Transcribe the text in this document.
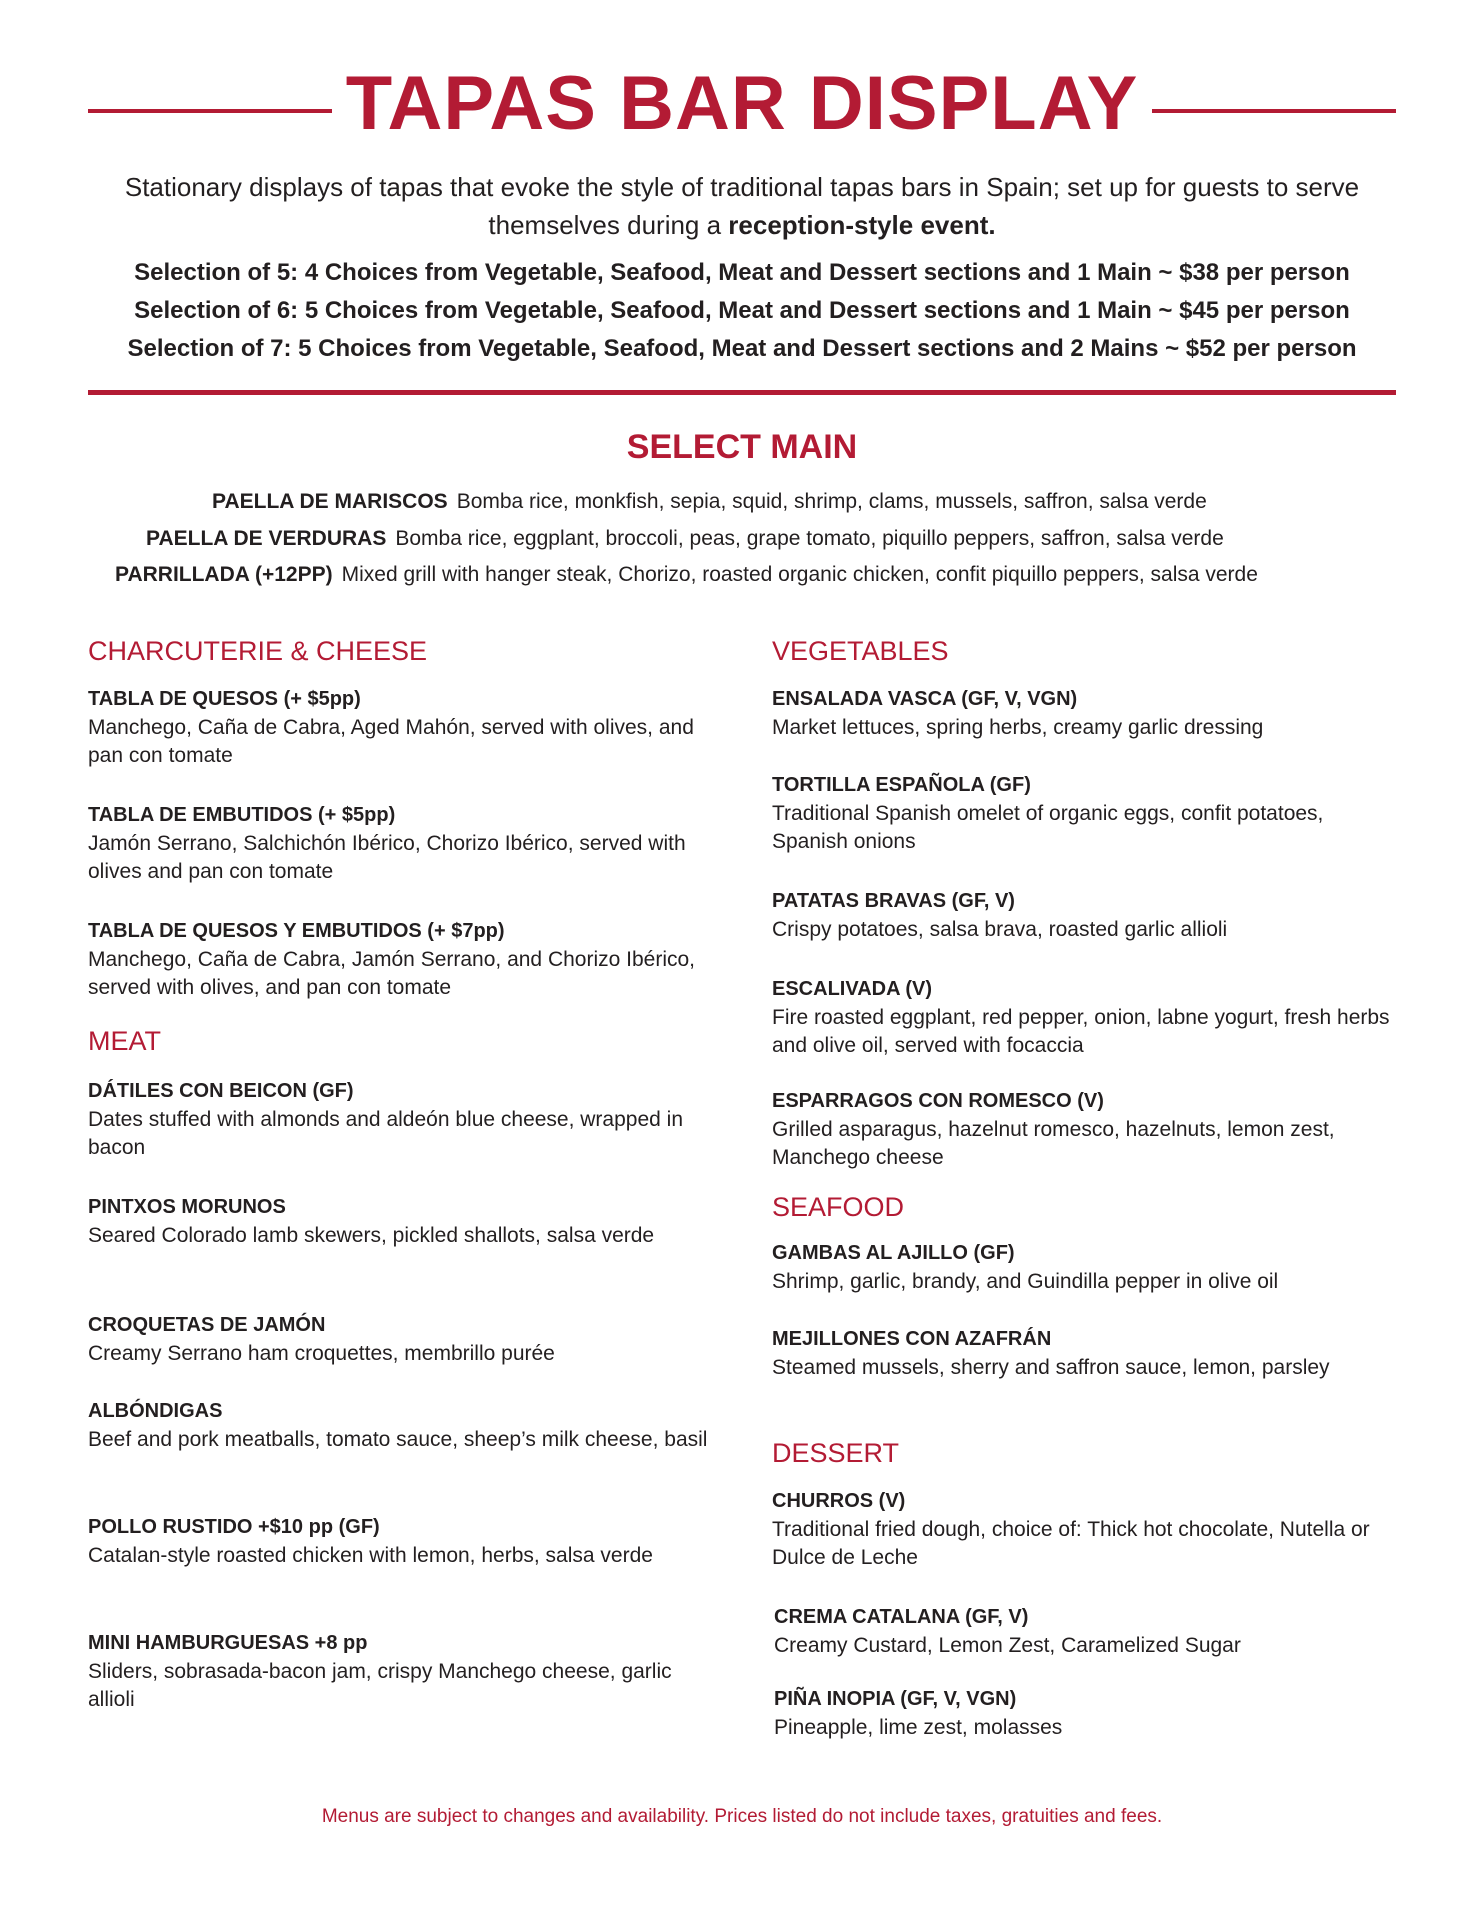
TAPAS BAR DISPLAY
Stationary displays of tapas that evoke the style of traditional tapas bars in Spain; set up for guests to serve themselves during a reception-style event.
Selection of 5: 4 Choices from Vegetable, Seafood, Meat and Dessert sections and 1 Main ~ $38 per person
Selection of 6: 5 Choices from Vegetable, Seafood, Meat and Dessert sections and 1 Main ~ $45 per person
Selection of 7: 5 Choices from Vegetable, Seafood, Meat and Dessert sections and 2 Mains ~ $52 per person
SELECT MAIN
PAELLA DE MARISCOS Bomba rice, monkfish, sepia, squid, shrimp, clams, mussels, saffron, salsa verde
PAELLA DE VERDURAS Bomba rice, eggplant, broccoli, peas, grape tomato, piquillo peppers, saffron, salsa verde
PARRILLADA (+12PP) Mixed grill with hanger steak, Chorizo, roasted organic chicken, confit piquillo peppers, salsa verde
CHARCUTERIE & CHEESE
TABLA DE QUESOS (+ $5pp)
Manchego, Caña de Cabra, Aged Mahón, served with olives, and pan con tomate
TABLA DE EMBUTIDOS (+ $5pp)
Jamón Serrano, Salchichón Ibérico, Chorizo Ibérico, served with olives and pan con tomate
TABLA DE QUESOS Y EMBUTIDOS (+ $7pp)
Manchego, Caña de Cabra, Jamón Serrano, and Chorizo Ibérico, served with olives, and pan con tomate
MEAT
DÁTILES CON BEICON (GF)
Dates stuffed with almonds and aldeón blue cheese, wrapped in bacon
PINTXOS MORUNOS
Seared Colorado lamb skewers, pickled shallots, salsa verde
CROQUETAS DE JAMÓN
Creamy Serrano ham croquettes, membrillo purée
ALBÓNDIGAS
Beef and pork meatballs, tomato sauce, sheep’s milk cheese, basil
POLLO RUSTIDO +$10 pp (GF)
Catalan-style roasted chicken with lemon, herbs, salsa verde
MINI HAMBURGUESAS +8 pp
Sliders, sobrasada-bacon jam, crispy Manchego cheese, garlic allioli
VEGETABLES
ENSALADA VASCA (GF, V, VGN)
Market lettuces, spring herbs, creamy garlic dressing
TORTILLA ESPAÑOLA (GF)
Traditional Spanish omelet of organic eggs, confit potatoes, Spanish onions
PATATAS BRAVAS (GF, V)
Crispy potatoes, salsa brava, roasted garlic allioli
ESCALIVADA (V)
Fire roasted eggplant, red pepper, onion, labne yogurt, fresh herbs and olive oil, served with focaccia
ESPARRAGOS CON ROMESCO (V)
Grilled asparagus, hazelnut romesco, hazelnuts, lemon zest, Manchego cheese
SEAFOOD
GAMBAS AL AJILLO (GF)
Shrimp, garlic, brandy, and Guindilla pepper in olive oil
MEJILLONES CON AZAFRÁN
Steamed mussels, sherry and saffron sauce, lemon, parsley
DESSERT
CHURROS (V)
Traditional fried dough, choice of: Thick hot chocolate, Nutella or Dulce de Leche
CREMA CATALANA (GF, V)
Creamy Custard, Lemon Zest, Caramelized Sugar
PIÑA INOPIA (GF, V, VGN)
Pineapple, lime zest, molasses
Menus are subject to changes and availability. Prices listed do not include taxes, gratuities and fees.
